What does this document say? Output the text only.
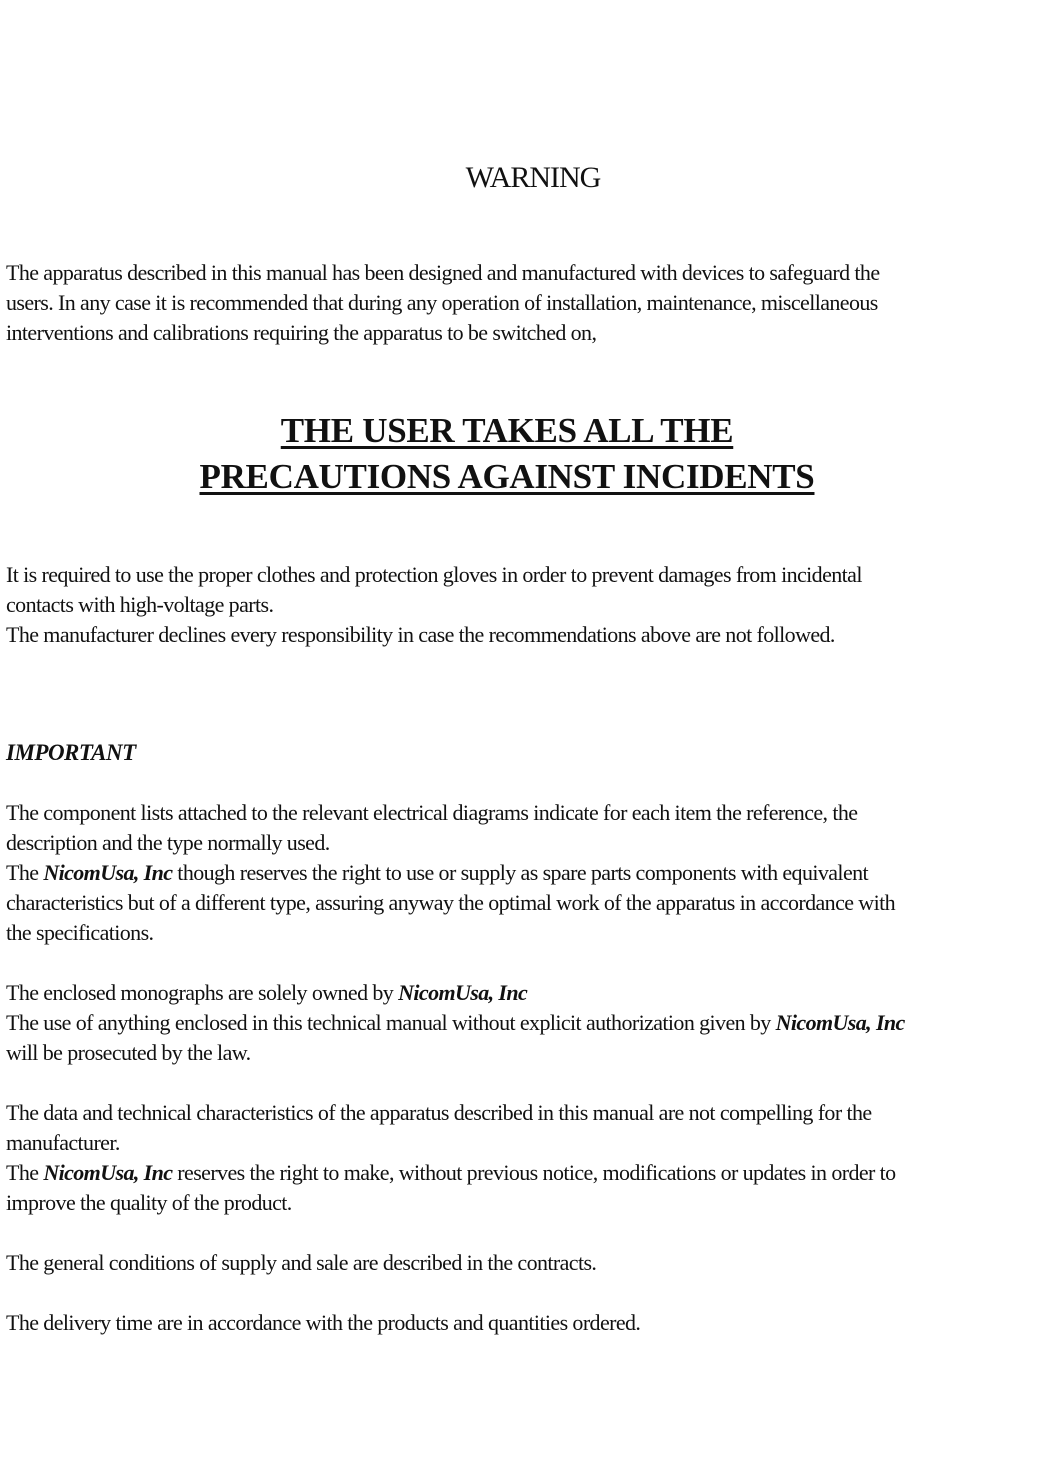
WARNING
The apparatus described in this manual has been designed and manufactured with devices to safeguard the
users. In any case it is recommended that during any operation of installation, maintenance, miscellaneous
interventions and calibrations requiring the apparatus to be switched on,
THE USER TAKES ALL THE
PRECAUTIONS AGAINST INCIDENTS
It is required to use the proper clothes and protection gloves in order to prevent damages from incidental
contacts with high-voltage parts.
The manufacturer declines every responsibility in case the recommendations above are not followed.
IMPORTANT
The component lists attached to the relevant electrical diagrams indicate for each item the reference, the
description and the type normally used.
The NicomUsa, Inc though reserves the right to use or supply as spare parts components with equivalent
characteristics but of a different type, assuring anyway the optimal work of the apparatus in accordance with
the specifications.
The enclosed monographs are solely owned by NicomUsa, Inc
The use of anything enclosed in this technical manual without explicit authorization given by NicomUsa, Inc
will be prosecuted by the law.
The data and technical characteristics of the apparatus described in this manual are not compelling for the
manufacturer.
The NicomUsa, Inc reserves the right to make, without previous notice, modifications or updates in order to
improve the quality of the product.
The general conditions of supply and sale are described in the contracts.
The delivery time are in accordance with the products and quantities ordered.
